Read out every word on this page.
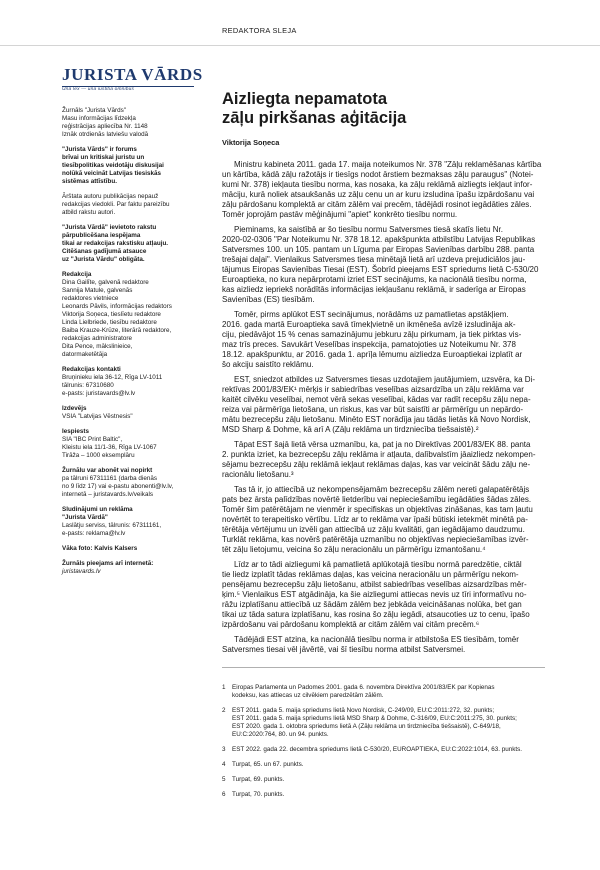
REDAKTORA SLEJA
JURISTA VĀRDS
Una lex — una iustitia omnibus
Žurnāls "Jurista Vārds"
Masu informācijas līdzekļa
reģistrācijas apliecība Nr. 1148
Iznāk otrdienās latviešu valodā
"Jurista Vārds" ir forums
brīvai un kritiskai juristu un
tiesībpolitikas veidotāju diskusijai
nolūkā veicināt Latvijas tiesiskās
sistēmas attīstību.
Ārštata autoru publikācijas nepauž
redakcijas viedokli. Par faktu pareizību
atbild rakstu autori.
"Jurista Vārdā" ievietoto rakstu
pārpublicēšana iespējama
tikai ar redakcijas rakstisku atļauju.
Citēšanas gadījumā atsauce
uz "Jurista Vārdu" obligāta.
Redakcija
Dina Gailīte, galvenā redaktore
Sannija Matule, galvenās
redaktores vietniece
Leonards Pāvils, informācijas redaktors
Viktorija Soņeca, tieslīetu redaktore
Linda Lielbriede, tiesību redaktore
Baiba Krauze-Krūze, literārā redaktore,
redakcijas administratore
Dita Pence, mākslinieice,
datormaketētāja
Redakcijas kontakti
Bruņinieku iela 36-12, Rīga LV-1011
tālrunis: 67310680
e-pasts: juristavards@lv.lv
Izdevējs
VSIA "Latvijas Vēstnesis"
Iespiests
SIA "IBC Print Baltic",
Kleistu iela 11/1-36, Rīga LV-1067
Tirāža – 1000 eksemplāru
Žurnālu var abonēt vai nopirkt
pa tālruni 67311161 (darba dienās
no 9 līdz 17) vai e-pastu abonenti@lv.lv,
internetā – juristavards.lv/veikals
Sludinājumi un reklāma
"Jurista Vārdā"
Laslātju serviss, tālrunis: 67311161,
e-pasts: reklama@lv.lv
Vāka foto: Kalvis Kalsers
Žurnāls pieejams arī internetā:
juristavards.lv
Aizliegta nepamatota
zāļu pirkšanas aģitācija
Viktorija Soņeca
Ministru kabineta 2011. gada 17. maija noteikumos Nr. 378 "Zāļu reklamēšanas kārtība
un kārtība, kādā zāļu ražotājs ir tiesīgs nodot ārstiem bezmaksas zāļu paraugus" (Notei-
kumi Nr. 378) iekļauta tiesību norma, kas nosaka, ka zāļu reklāmā aizliegts iekļaut infor-
māciju, kurā noliek atsaukšanās uz zāļu cenu un ar kuru izsludina īpašu izpārdošanu vai
zāļu pārdošanu komplektā ar citām zālēm vai precēm, tādējādi rosinot iegādāties zāles.
Tomēr joprojām pastāv mēģinājumi "apiet" konkrēto tiesību normu.
Pieminams, ka saistībā ar šo tiesību normu Satversmes tiesā skatīs lietu Nr.
2020-02-0306 "Par Noteikumu Nr. 378 18.12. apakšpunkta atbilstību Latvijas Republikas
Satversmes 100. un 105. pantam un Līguma par Eiropas Savienības darbību 288. panta
trešajai daļai". Vienlaikus Satversmes tiesa minētajā lietā arī uzdeva prejudiciālos jau-
tājumus Eiropas Savienības Tiesai (EST). Šobrīd pieejams EST spriedums lietā C-530/20
Euroaptieka, no kura nepārprotami izriet EST secinājums, ka nacionālā tiesību norma,
kas aizliedz iepriekš norādītās informācijas iekļaušanu reklāmā, ir saderīga ar Eiropas
Savienības (ES) tiesībām.
Tomēr, pirms aplūkot EST secinājumus, norādāms uz pamatlietas apstākļiem.
2016. gada martā Euroaptieka savā tīmekļvietnē un ikmēneša avīzē izsludināja ak-
ciju, piedāvājot 15 % cenas samazinājumu jebkuru zāļu pirkumam, ja tiek pirktas vis-
maz trīs preces. Savukārt Veselības inspekcija, pamatojoties uz Noteikumu Nr. 378
18.12. apakšpunktu, ar 2016. gada 1. aprīļa lēmumu aizliedza Euroaptiekai izplatīt ar
šo akciju saistīto reklāmu.
EST, sniedzot atbildes uz Satversmes tiesas uzdotajiem jautājumiem, uzsvēra, ka Di-
rektīvas 2001/83/EK¹ mērķis ir sabiedrības veselības aizsardzība un zāļu reklāma var
kaitēt cilvēku veselībai, nemot vērā sekas veselībai, kādas var radīt recepšu zāļu nepa-
reiza vai pārmērīga lietošana, un riskus, kas var būt saistīti ar pārmērīgu un nepārdo-
mātu bezrecepšu zāļu lietošanu. Minēto EST norādīja jau tādās lietās kā Novo Nordisk,
MSD Sharp & Dohme, kā arī A (Zāļu reklāma un tirdzniecība tiešsaistē).²
Tāpat EST šajā lietā vērsa uzmanību, ka, pat ja no Direktīvas 2001/83/EK 88. panta
2. punkta izriet, ka bezrecepšu zāļu reklāma ir atļauta, dalībvalstīm jāaizliedz nekompen-
sējamu bezrecepšu zāļu reklāmā iekļaut reklāmas daļas, kas var veicināt šādu zāļu ne-
racionālu lietošanu.³
Tas tā ir, jo attiecībā uz nekompensējamām bezrecepšu zālēm nereti galapatērētājs
pats bez ārsta palīdzības novērtē lietderību vai nepieciešamību iegādāties šādas zāles.
Tomēr šim patērētājam ne vienmēr ir specifiskas un objektīvas zināšanas, kas tam ļautu
novērtēt to terapeitisko vērtību. Līdz ar to reklāma var īpaši būtiski ietekmēt minētā pa-
tērētāja vērtējumu un izvēli gan attiecībā uz zāļu kvalitāti, gan iegādājamo daudzumu.
Turklāt reklāma, kas novērš patērētāja uzmanību no objektīvas nepieciešamības izvēr-
tēt zāļu lietojumu, veicina šo zāļu neracionālu un pārmērīgu izmantošanu.⁴
Līdz ar to tādi aizliegumi kā pamatlietā aplūkotajā tiesību normā paredzētie, ciktāl
tie liedz izplatīt tādas reklāmas daļas, kas veicina neracionālu un pārmērīgu nekom-
pensējamu bezrecepšu zāļu lietošanu, atbilst sabiedrības veselības aizsardzības mēr-
ķim.⁵ Vienlaikus EST atgādināja, ka šie aizliegumi attiecas nevis uz tīri informatīvu no-
rāžu izplatīšanu attiecībā uz šādām zālēm bez jebkāda veicināšanas nolūka, bet gan
tikai uz tāda satura izplatīšanu, kas rosina šo zāļu iegādi, atsaucoties uz to cenu, īpašo
izpārdošanu vai pārdošanu komplektā ar citām zālēm vai citām precēm.⁶
Tādējādi EST atzina, ka nacionālā tiesību norma ir atbilstoša ES tiesībām, tomēr
Satversmes tiesai vēl jāvērtē, vai šī tiesību norma atbilst Satversmei.
1 Eiropas Parlamenta un Padomes 2001. gada 6. novembra Direktīva 2001/83/EK par Kopienas
kodeksu, kas attiecas uz cilvēkiem paredzētām zālēm.
2 EST 2011. gada 5. maija spriedums lietā Novo Nordisk, C-249/09, EU:C:2011:272, 32. punkts;
EST 2011. gada 5. maija spriedums lietā MSD Sharp & Dohme, C-316/09, EU:C:2011:275, 30. punkts;
EST 2020. gada 1. oktobra spriedums lietā A (Zāļu reklāma un tirdzniecība tiešsaistē), C-649/18,
EU:C:2020:764, 80. un 94. punkts.
3 EST 2022. gada 22. decembra spriedums lietā C-530/20, EUROAPTIEKA, EU:C:2022:1014, 63. punkts.
4 Turpat, 65. un 67. punkts.
5 Turpat, 69. punkts.
6 Turpat, 70. punkts.
